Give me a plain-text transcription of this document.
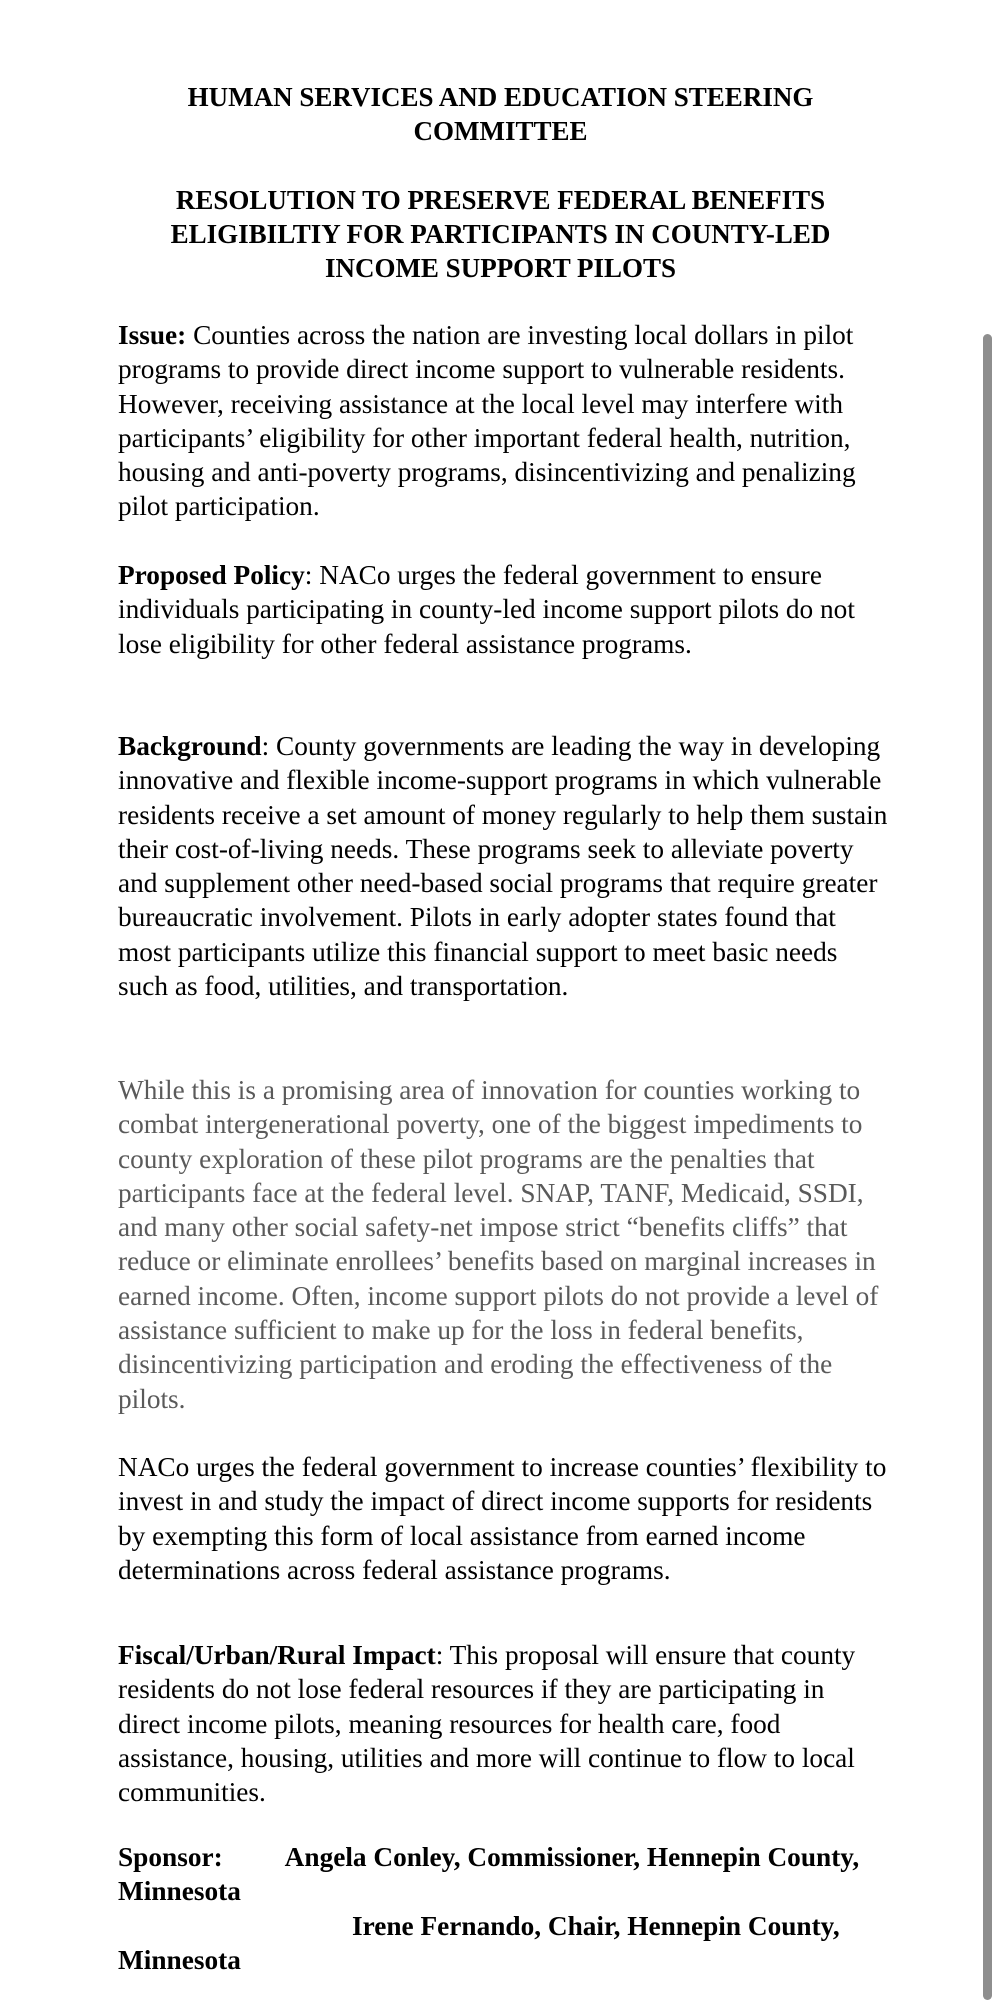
HUMAN SERVICES AND EDUCATION STEERING COMMITTEE
RESOLUTION TO PRESERVE FEDERAL BENEFITS ELIGIBILTIY FOR PARTICIPANTS IN COUNTY-LED INCOME SUPPORT PILOTS

Issue: Counties across the nation are investing local dollars in pilot programs to provide direct income support to vulnerable residents. However, receiving assistance at the local level may interfere with participants’ eligibility for other important federal health, nutrition, housing and anti-poverty programs, disincentivizing and penalizing pilot participation.

Proposed Policy: NACo urges the federal government to ensure individuals participating in county-led income support pilots do not lose eligibility for other federal assistance programs.

Background: County governments are leading the way in developing innovative and flexible income-support programs in which vulnerable residents receive a set amount of money regularly to help them sustain their cost-of-living needs. These programs seek to alleviate poverty and supplement other need-based social programs that require greater bureaucratic involvement. Pilots in early adopter states found that most participants utilize this financial support to meet basic needs such as food, utilities, and transportation.

While this is a promising area of innovation for counties working to combat intergenerational poverty, one of the biggest impediments to county exploration of these pilot programs are the penalties that participants face at the federal level. SNAP, TANF, Medicaid, SSDI, and many other social safety-net impose strict “benefits cliffs” that reduce or eliminate enrollees’ benefits based on marginal increases in earned income. Often, income support pilots do not provide a level of assistance sufficient to make up for the loss in federal benefits, disincentivizing participation and eroding the effectiveness of the pilots.

NACo urges the federal government to increase counties’ flexibility to invest in and study the impact of direct income supports for residents by exempting this form of local assistance from earned income determinations across federal assistance programs.

Fiscal/Urban/Rural Impact: This proposal will ensure that county residents do not lose federal resources if they are participating in direct income pilots, meaning resources for health care, food assistance, housing, utilities and more will continue to flow to local communities.

Sponsor: Angela Conley, Commissioner, Hennepin County, Minnesota
Irene Fernando, Chair, Hennepin County, Minnesota
